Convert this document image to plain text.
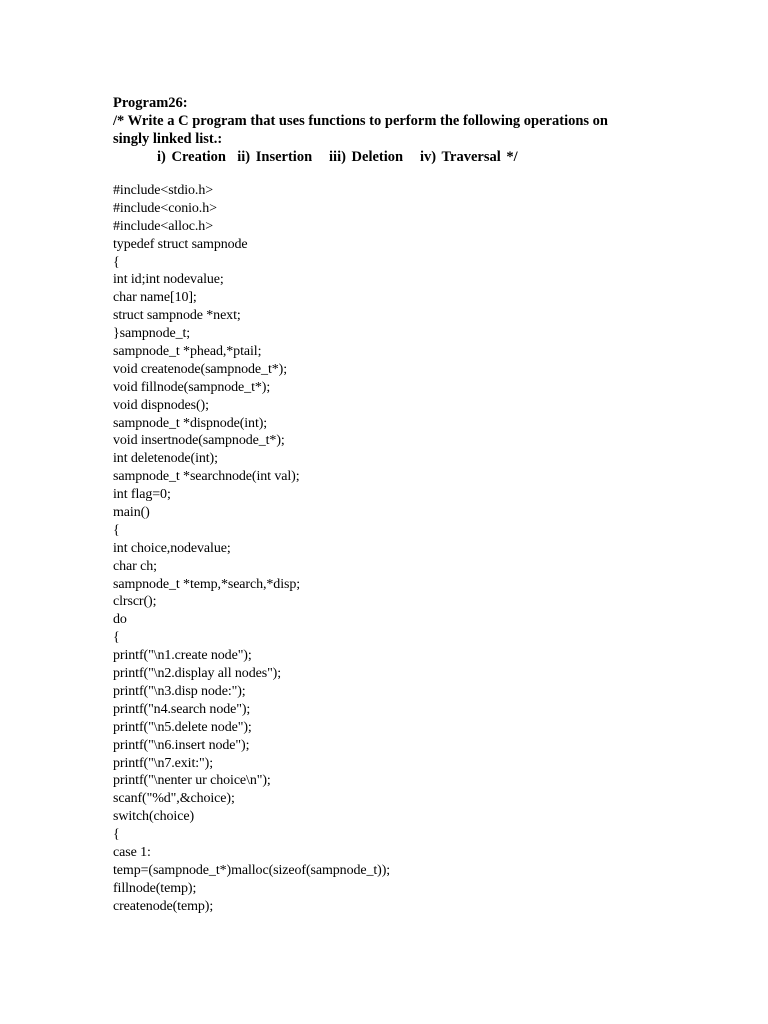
Program26:
/* Write a C program that uses functions to perform the following operations on
singly linked list.:
i) Creation  ii) Insertion   iii) Deletion   iv) Traversal */
#include<stdio.h>
#include<conio.h>
#include<alloc.h>
typedef struct sampnode
{
int id;int nodevalue;
char name[10];
struct sampnode *next;
}sampnode_t;
sampnode_t *phead,*ptail;
void createnode(sampnode_t*);
void fillnode(sampnode_t*);
void dispnodes();
sampnode_t *dispnode(int);
void insertnode(sampnode_t*);
int deletenode(int);
sampnode_t *searchnode(int val);
int flag=0;
main()
{
int choice,nodevalue;
char ch;
sampnode_t *temp,*search,*disp;
clrscr();
do
{
printf("\n1.create node");
printf("\n2.display all nodes");
printf("\n3.disp node:");
printf("n4.search node");
printf("\n5.delete node");
printf("\n6.insert node");
printf("\n7.exit:");
printf("\nenter ur choice\n");
scanf("%d",&choice);
switch(choice)
{
case 1:
temp=(sampnode_t*)malloc(sizeof(sampnode_t));
fillnode(temp);
createnode(temp);
